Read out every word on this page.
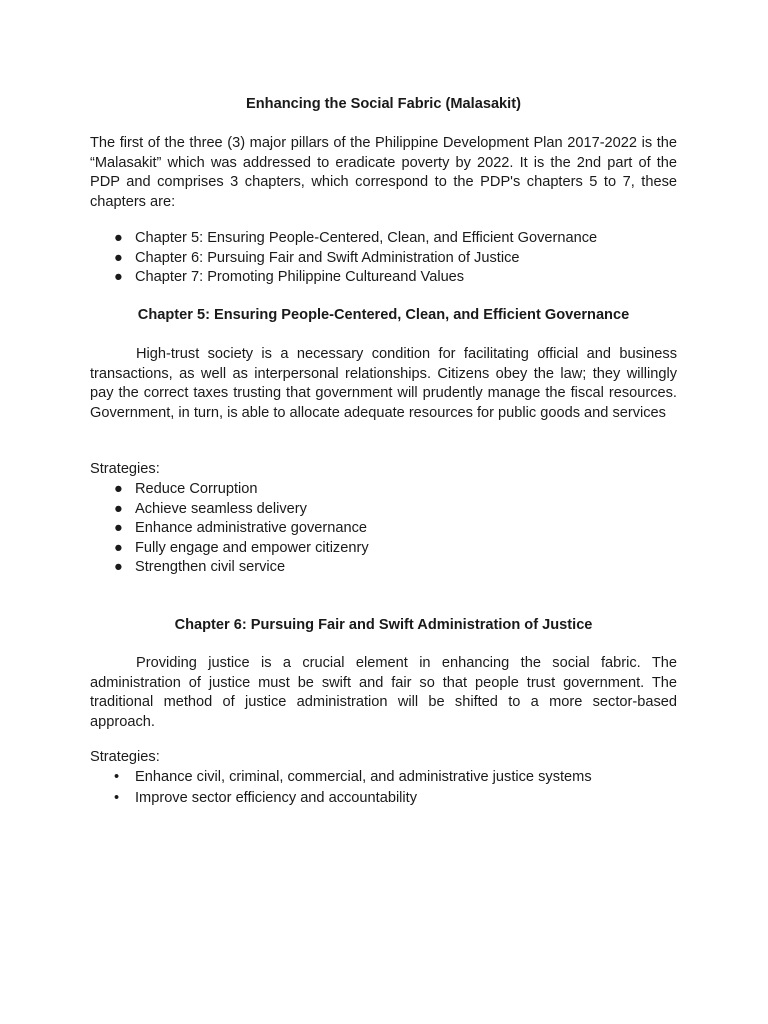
Enhancing the Social Fabric (Malasakit)

The first of the three (3) major pillars of the Philippine Development Plan 2017-2022 is the “Malasakit” which was addressed to eradicate poverty by 2022. It is the 2nd part of the PDP and comprises 3 chapters, which correspond to the PDP's chapters 5 to 7, these chapters are:

● Chapter 5: Ensuring People-Centered, Clean, and Efficient Governance
● Chapter 6: Pursuing Fair and Swift Administration of Justice
● Chapter 7: Promoting Philippine Cultureand Values
Chapter 5: Ensuring People-Centered, Clean, and Efficient Governance

High-trust society is a necessary condition for facilitating official and business transactions, as well as interpersonal relationships. Citizens obey the law; they willingly pay the correct taxes trusting that government will prudently manage the fiscal resources. Government, in turn, is able to allocate adequate resources for public goods and services

Strategies:
● Reduce Corruption
● Achieve seamless delivery
● Enhance administrative governance
● Fully engage and empower citizenry
● Strengthen civil service
Chapter 6: Pursuing Fair and Swift Administration of Justice

Providing justice is a crucial element in enhancing the social fabric. The administration of justice must be swift and fair so that people trust government. The traditional method of justice administration will be shifted to a more sector-based approach.

Strategies:
• Enhance civil, criminal, commercial, and administrative justice systems
• Improve sector efficiency and accountability
